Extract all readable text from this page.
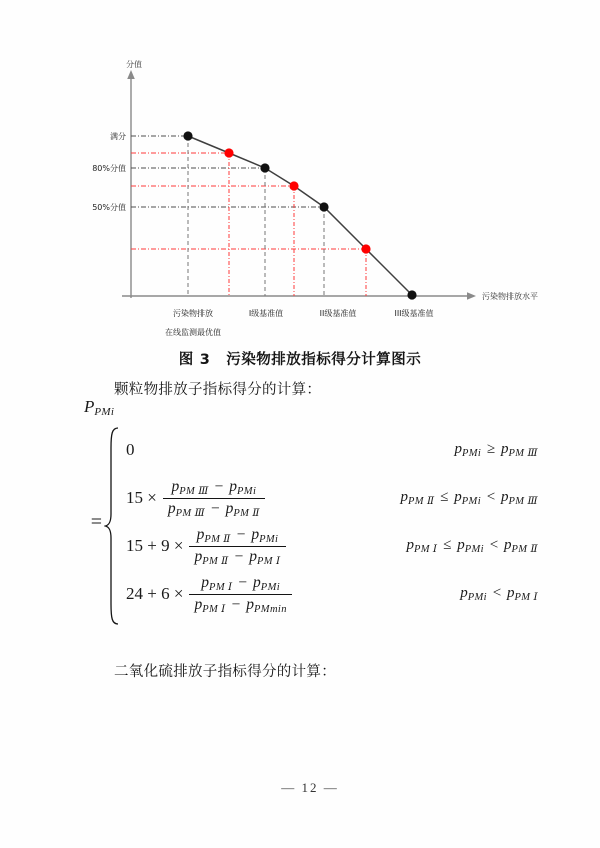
分值
污染物排放水平
满分
80%分值
50%分值
污染物排放
在线监测最优值
I级基准值	II级基准值	III级基准值
图 3 污染物排放指标得分计算图示
颗粒物排放子指标得分的计算：
$P_{PMi}$
=
0	$p_{PMi} \ge p_{PM Ⅲ}$
$15 \times \frac{p_{PM Ⅲ} - p_{PMi}}{p_{PM Ⅲ} - p_{PM Ⅱ}}$	$p_{PM Ⅱ} \le p_{PMi} < p_{PM Ⅲ}$
$15 + 9 \times \frac{p_{PM Ⅱ} - p_{PMi}}{p_{PM Ⅱ} - p_{PM Ⅰ}}$	$p_{PM Ⅰ} \le p_{PMi} < p_{PM Ⅱ}$
$24 + 6 \times \frac{p_{PM Ⅰ} - p_{PMi}}{p_{PM Ⅰ} - p_{PMmin}}$	$p_{PMi} < p_{PM Ⅰ}$
二氧化硫排放子指标得分的计算：
— 12 —
